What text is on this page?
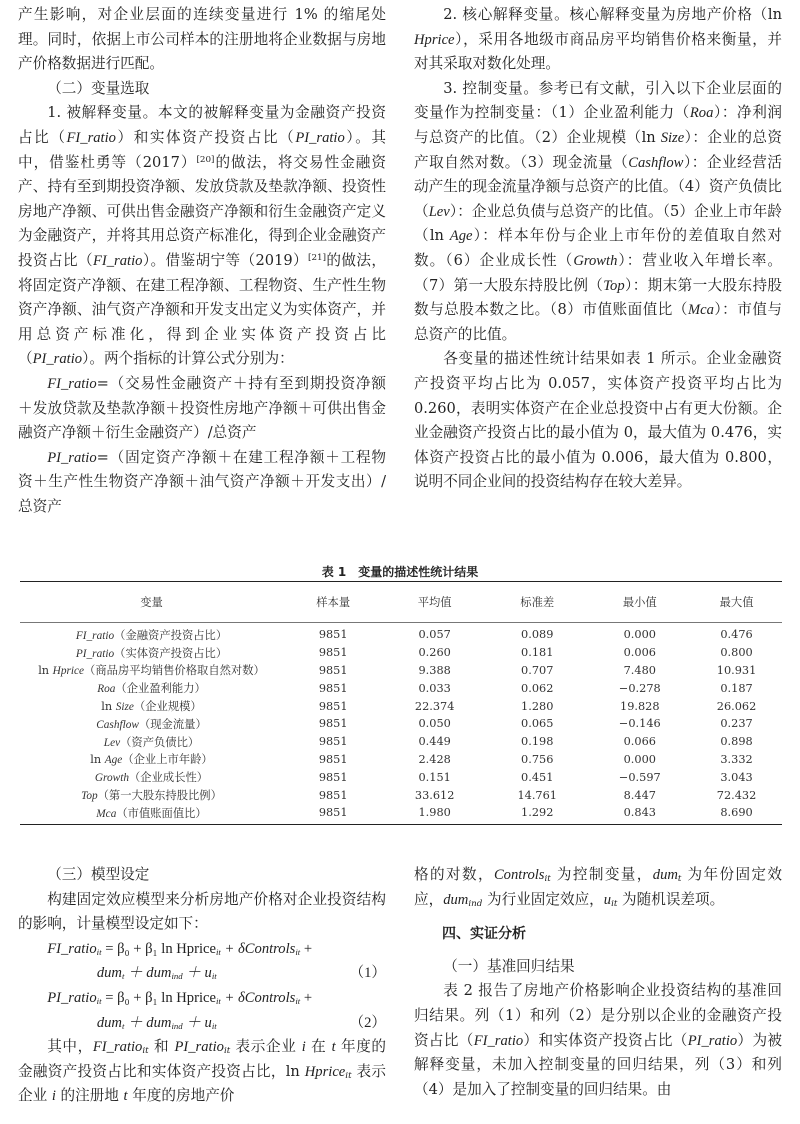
产生影响，对企业层面的连续变量进行 1% 的缩尾处理。同时，依据上市公司样本的注册地将企业数据与房地产价格数据进行匹配。

（二）变量选取

1. 被解释变量。本文的被解释变量为金融资产投资占比（FI_ratio）和实体资产投资占比（PI_ratio）。其中，借鉴杜勇等（2017）[20]的做法，将交易性金融资产、持有至到期投资净额、发放贷款及垫款净额、投资性房地产净额、可供出售金融资产净额和衍生金融资产定义为金融资产，并将其用总资产标准化，得到企业金融资产投资占比（FI_ratio）。借鉴胡宁等（2019）[21]的做法，将固定资产净额、在建工程净额、工程物资、生产性生物资产净额、油气资产净额和开发支出定义为实体资产，并用总资产标准化，得到企业实体资产投资占比（PI_ratio）。两个指标的计算公式分别为：

FI_ratio=（交易性金融资产＋持有至到期投资净额＋发放贷款及垫款净额＋投资性房地产净额＋可供出售金融资产净额＋衍生金融资产）/总资产

PI_ratio=（固定资产净额＋在建工程净额＋工程物资＋生产性生物资产净额＋油气资产净额＋开发支出）/总资产

2. 核心解释变量。核心解释变量为房地产价格（ln Hprice），采用各地级市商品房平均销售价格来衡量，并对其采取对数化处理。

3. 控制变量。参考已有文献，引入以下企业层面的变量作为控制变量：（1）企业盈利能力（Roa）：净利润与总资产的比值。（2）企业规模（ln Size）：企业的总资产取自然对数。（3）现金流量（Cashflow）：企业经营活动产生的现金流量净额与总资产的比值。（4）资产负债比（Lev）：企业总负债与总资产的比值。（5）企业上市年龄（ln Age）：样本年份与企业上市年份的差值取自然对数。（6）企业成长性（Growth）：营业收入年增长率。（7）第一大股东持股比例（Top）：期末第一大股东持股数与总股本数之比。（8）市值账面值比（Mca）：市值与总资产的比值。

各变量的描述性统计结果如表 1 所示。企业金融资产投资平均占比为 0.057，实体资产投资平均占比为 0.260，表明实体资产在企业总投资中占有更大份额。企业金融资产投资占比的最小值为 0，最大值为 0.476，实体资产投资占比的最小值为 0.006，最大值为 0.800，说明不同企业间的投资结构存在较大差异。

表 1　变量的描述性统计结果
变量	样本量	平均值	标准差	最小值	最大值
FI_ratio（金融资产投资占比）	9851	0.057	0.089	0.000	0.476
PI_ratio（实体资产投资占比）	9851	0.260	0.181	0.006	0.800
ln Hprice（商品房平均销售价格取自然对数）	9851	9.388	0.707	7.480	10.931
Roa（企业盈利能力）	9851	0.033	0.062	−0.278	0.187
ln Size（企业规模）	9851	22.374	1.280	19.828	26.062
Cashflow（现金流量）	9851	0.050	0.065	−0.146	0.237
Lev（资产负债比）	9851	0.449	0.198	0.066	0.898
ln Age（企业上市年龄）	9851	2.428	0.756	0.000	3.332
Growth（企业成长性）	9851	0.151	0.451	−0.597	3.043
Top（第一大股东持股比例）	9851	33.612	14.761	8.447	72.432
Mca（市值账面值比）	9851	1.980	1.292	0.843	8.690

（三）模型设定

构建固定效应模型来分析房地产价格对企业投资结构的影响，计量模型设定如下：

FI_ratio$_{it}$ = β₀ + β₁ ln Hprice$_{it}$ + δControls$_{it}$ +
$dum_t + dum_{ind} + u_{it}$	（1）
PI_ratio$_{it}$ = β₀ + β₁ ln Hprice$_{it}$ + δControls$_{it}$ +
$dum_t + dum_{ind} + u_{it}$	（2）

其中，FI_ratio$_{it}$ 和 PI_ratio$_{it}$ 表示企业 i 在 t 年度的金融资产投资占比和实体资产投资占比，ln Hprice$_{it}$ 表示企业 i 的注册地 t 年度的房地产价

格的对数，Controls$_{it}$ 为控制变量，dum$_t$ 为年份固定效应，dum$_{ind}$ 为行业固定效应，$u_{it}$ 为随机误差项。

四、实证分析

（一）基准回归结果

表 2 报告了房地产价格影响企业投资结构的基准回归结果。列（1）和列（2）是分别以企业的金融资产投资占比（FI_ratio）和实体资产投资占比（PI_ratio）为被解释变量，未加入控制变量的回归结果，列（3）和列（4）是加入了控制变量的回归结果。由
